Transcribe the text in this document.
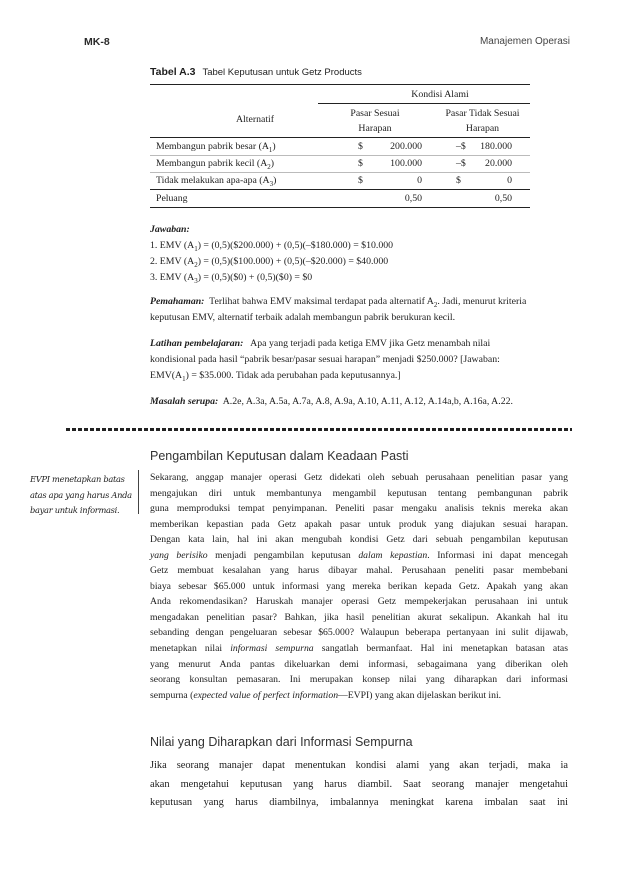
MK-8	Manajemen Operasi
Tabel A.3 Tabel Keputusan untuk Getz Products
Kondisi Alami
Alternatif
Pasar Sesuai
Harapan
Pasar Tidak Sesuai
Harapan
Membangun pabrik besar $(A_1)$	$	200.000	–$	180.000
Membangun pabrik kecil $(A_2)$	$	100.000	–$	20.000
Tidak melakukan apa-apa $(A_3)$	$	0	$	0
Peluang	0,50	0,50
Jawaban:
1. EMV $(A_1)$ = (0,5)($200.000) + (0,5)(–$180.000) = $10.000
2. EMV $(A_2)$ = (0,5)($100.000) + (0,5)(–$20.000) = $40.000
3. EMV $(A_3)$ = (0,5)($0) + (0,5)($0) = $0
Pemahaman: Terlihat bahwa EMV maksimal terdapat pada alternatif $A_2$. Jadi, menurut kriteria
keputusan EMV, alternatif terbaik adalah membangun pabrik berukuran kecil.
Latihan pembelajaran: Apa yang terjadi pada ketiga EMV jika Getz menambah nilai
kondisional pada hasil “pabrik besar/pasar sesuai harapan” menjadi $250.000? [Jawaban:
$EMV(A_1)$ = $35.000. Tidak ada perubahan pada keputusannya.]
Masalah serupa: A.2e, A.3a, A.5a, A.7a, A.8, A.9a, A.10, A.11, A.12, A.14a,b, A.16a, A.22.
Pengambilan Keputusan dalam Keadaan Pasti
EVPI menetapkan batas
atas apa yang harus Anda
bayar untuk informasi.
Sekarang, anggap manajer operasi Getz didekati oleh sebuah perusahaan penelitian pasar yang
mengajukan diri untuk membantunya mengambil keputusan tentang pembangunan pabrik
guna memproduksi tempat penyimpanan. Peneliti pasar mengaku analisis teknis mereka akan
memberikan kepastian pada Getz apakah pasar untuk produk yang diajukan sesuai harapan.
Dengan kata lain, hal ini akan mengubah kondisi Getz dari sebuah pengambilan keputusan
yang berisiko menjadi pengambilan keputusan dalam kepastian. Informasi ini dapat mencegah
Getz membuat kesalahan yang harus dibayar mahal. Perusahaan peneliti pasar membebani
biaya sebesar $65.000 untuk informasi yang mereka berikan kepada Getz. Apakah yang akan
Anda rekomendasikan? Haruskah manajer operasi Getz mempekerjakan perusahaan ini untuk
mengadakan penelitian pasar? Bahkan, jika hasil penelitian akurat sekalipun. Akankah hal itu
sebanding dengan pengeluaran sebesar $65.000? Walaupun beberapa pertanyaan ini sulit dijawab,
menetapkan nilai informasi sempurna sangatlah bermanfaat. Hal ini menetapkan batasan atas
yang menurut Anda pantas dikeluarkan demi informasi, sebagaimana yang diberikan oleh
seorang konsultan pemasaran. Ini merupakan konsep nilai yang diharapkan dari informasi
sempurna (expected value of perfect information—EVPI) yang akan dijelaskan berikut ini.
Nilai yang Diharapkan dari Informasi Sempurna
Jika seorang manajer dapat menentukan kondisi alami yang akan terjadi, maka ia
akan mengetahui keputusan yang harus diambil. Saat seorang manajer mengetahui
keputusan yang harus diambilnya, imbalannya meningkat karena imbalan saat ini
